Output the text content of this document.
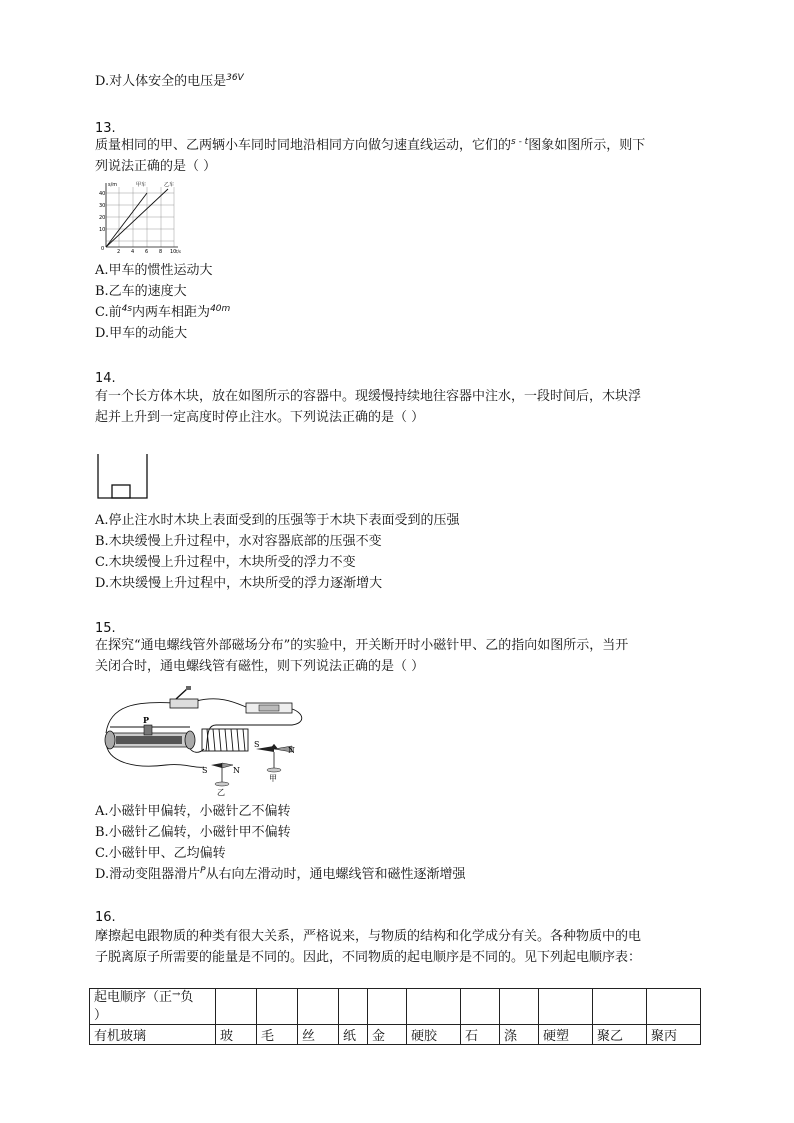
D.对人体安全的电压是$^{36V}$
13.
质量相同的甲、乙两辆小车同时同地沿相同方向做匀速直线运动，它们的$^{s - t}$图象如图所示，则下
列说法正确的是（ ）
s/m	甲车	乙车
40
30
20
10
0	2 4 6 8 10 t/s
A.甲车的惯性运动大
B.乙车的速度大
C.前$^{4s}$内两车相距为$^{40m}$
D.甲车的动能大
14.
有一个长方体木块，放在如图所示的容器中。现缓慢持续地往容器中注水，一段时间后，木块浮
起并上升到一定高度时停止注水。下列说法正确的是（ ）
A.停止注水时木块上表面受到的压强等于木块下表面受到的压强
B.木块缓慢上升过程中，水对容器底部的压强不变
C.木块缓慢上升过程中，木块所受的浮力不变
D.木块缓慢上升过程中，木块所受的浮力逐渐增大
15.
在探究“通电螺线管外部磁场分布”的实验中，开关断开时小磁针甲、乙的指向如图所示，当开
关闭合时，通电螺线管有磁性，则下列说法正确的是（ ）
P
S
N
甲
S	N
乙
A.小磁针甲偏转，小磁针乙不偏转
B.小磁针乙偏转，小磁针甲不偏转
C.小磁针甲、乙均偏转
D.滑动变阻器滑片$^P$从右向左滑动时，通电螺线管和磁性逐渐增强
16.
摩擦起电跟物质的种类有很大关系，严格说来，与物质的结构和化学成分有关。各种物质中的电
子脱离原子所需要的能量是不同的。因此，不同物质的起电顺序是不同的。见下列起电顺序表：
起电顺序（正→负
）											
有机玻璃	玻	毛	丝	纸	金	硬胶	石	涤	硬塑	聚乙	聚丙
